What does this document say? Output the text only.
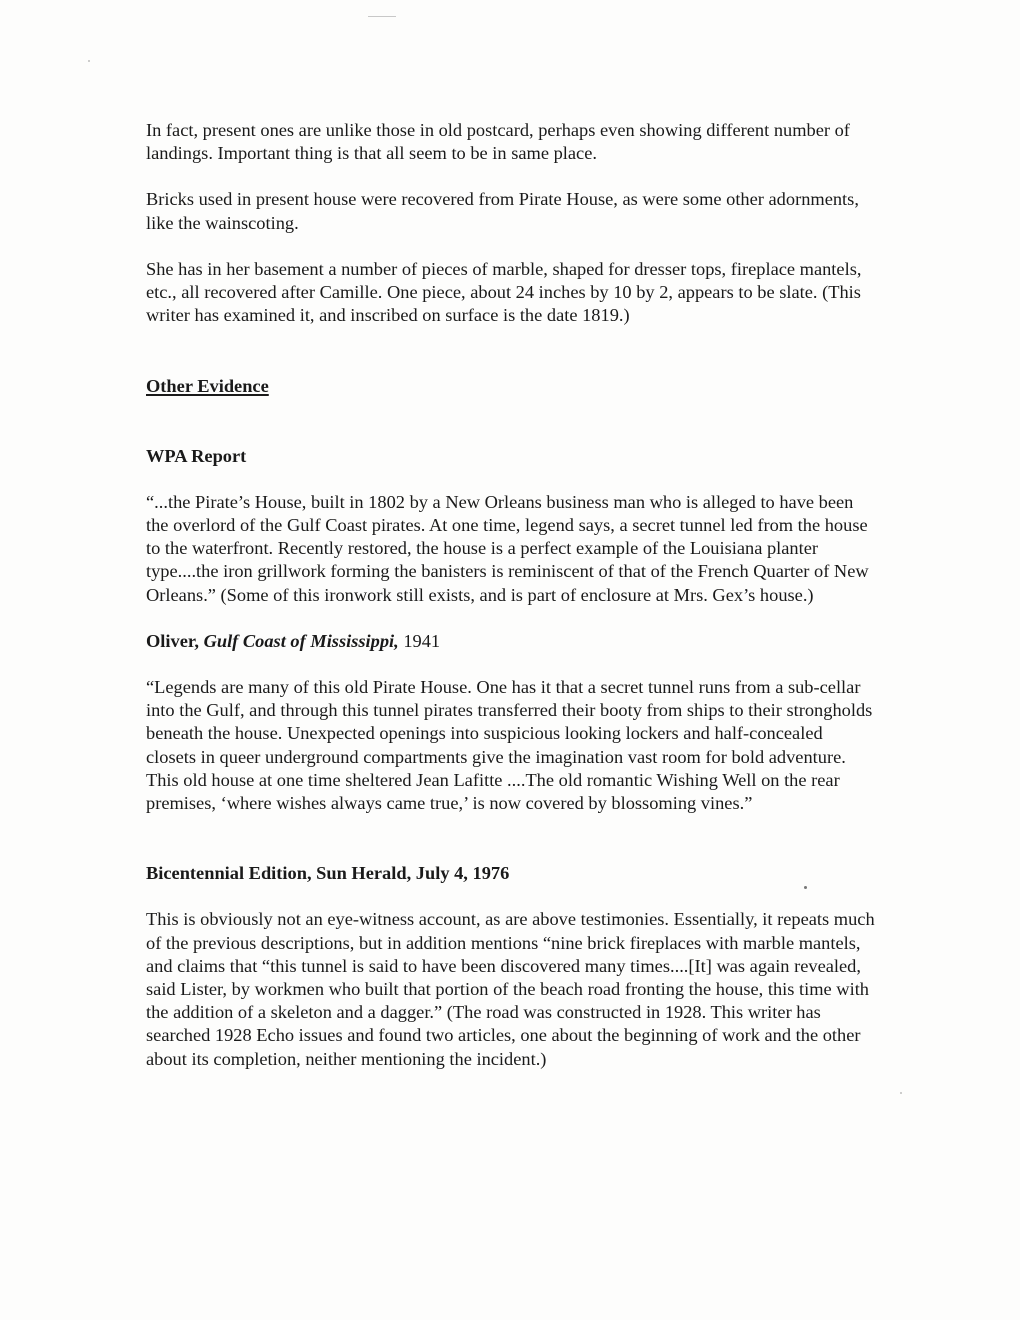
In fact, present ones are unlike those in old postcard, perhaps even showing different number of landings. Important thing is that all seem to be in same place.

Bricks used in present house were recovered from Pirate House, as were some other adornments, like the wainscoting.

She has in her basement a number of pieces of marble, shaped for dresser tops, fireplace mantels, etc., all recovered after Camille. One piece, about 24 inches by 10 by 2, appears to be slate. (This writer has examined it, and inscribed on surface is the date 1819.)

Other Evidence

WPA Report

“...the Pirate’s House, built in 1802 by a New Orleans business man who is alleged to have been the overlord of the Gulf Coast pirates. At one time, legend says, a secret tunnel led from the house to the waterfront. Recently restored, the house is a perfect example of the Louisiana planter type....the iron grillwork forming the banisters is reminiscent of that of the French Quarter of New Orleans.” (Some of this ironwork still exists, and is part of enclosure at Mrs. Gex’s house.)

Oliver, Gulf Coast of Mississippi, 1941

“Legends are many of this old Pirate House. One has it that a secret tunnel runs from a sub-cellar into the Gulf, and through this tunnel pirates transferred their booty from ships to their strongholds beneath the house. Unexpected openings into suspicious looking lockers and half-concealed closets in queer underground compartments give the imagination vast room for bold adventure. This old house at one time sheltered Jean Lafitte ....The old romantic Wishing Well on the rear premises, ‘where wishes always came true,’ is now covered by blossoming vines.”

Bicentennial Edition, Sun Herald, July 4, 1976

This is obviously not an eye-witness account, as are above testimonies. Essentially, it repeats much of the previous descriptions, but in addition mentions “nine brick fireplaces with marble mantels, and claims that “this tunnel is said to have been discovered many times....[It] was again revealed, said Lister, by workmen who built that portion of the beach road fronting the house, this time with the addition of a skeleton and a dagger.” (The road was constructed in 1928. This writer has searched 1928 Echo issues and found two articles, one about the beginning of work and the other about its completion, neither mentioning the incident.)
